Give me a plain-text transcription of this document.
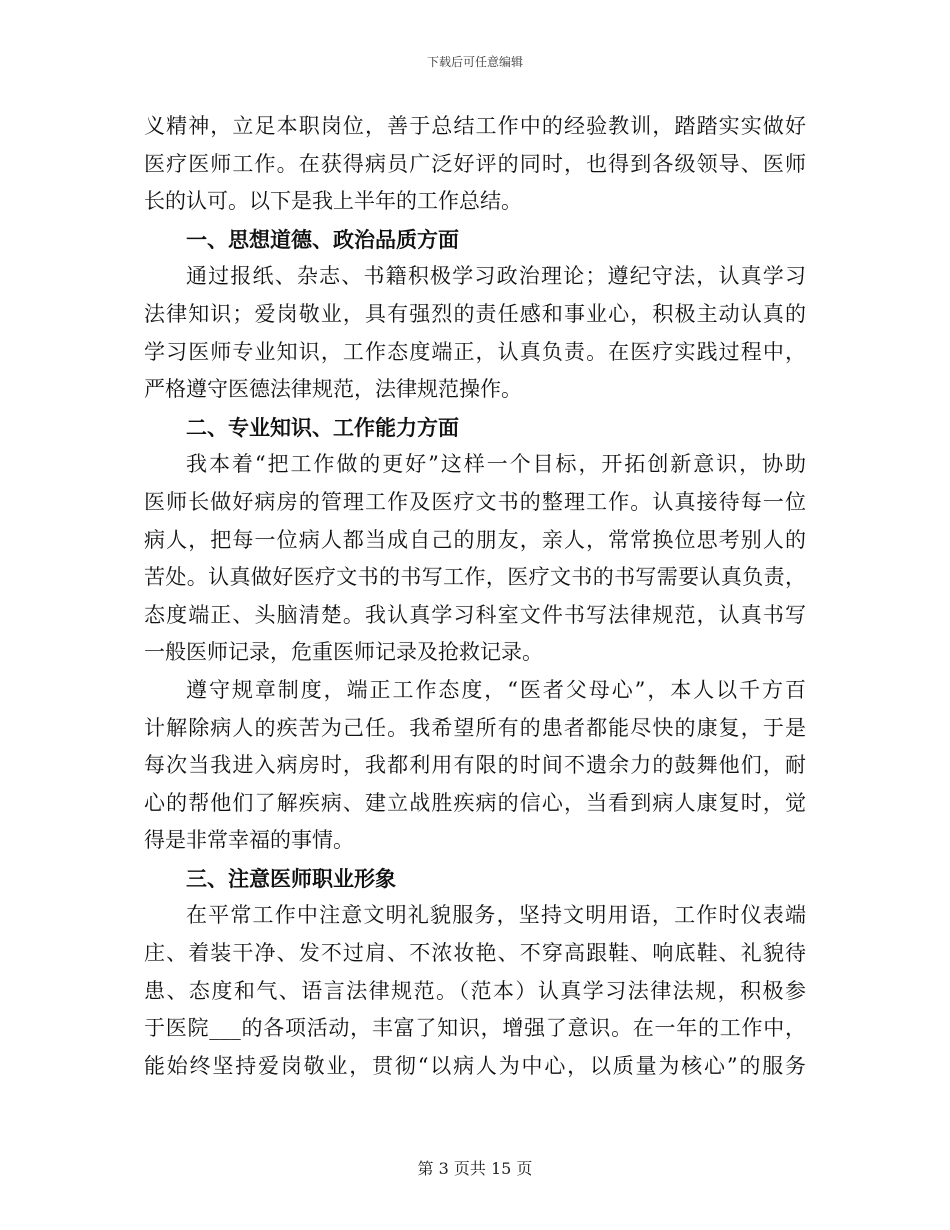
下载后可任意编辑
义精神，立足本职岗位，善于总结工作中的经验教训，踏踏实实做好
医疗医师工作。在获得病员广泛好评的同时，也得到各级领导、医师
长的认可。以下是我上半年的工作总结。
一、思想道德、政治品质方面
通过报纸、杂志、书籍积极学习政治理论；遵纪守法，认真学习
法律知识；爱岗敬业，具有强烈的责任感和事业心，积极主动认真的
学习医师专业知识，工作态度端正，认真负责。在医疗实践过程中，
严格遵守医德法律规范，法律规范操作。
二、专业知识、工作能力方面
我本着“把工作做的更好”这样一个目标，开拓创新意识，协助
医师长做好病房的管理工作及医疗文书的整理工作。认真接待每一位
病人，把每一位病人都当成自己的朋友，亲人，常常换位思考别人的
苦处。认真做好医疗文书的书写工作，医疗文书的书写需要认真负责，
态度端正、头脑清楚。我认真学习科室文件书写法律规范，认真书写
一般医师记录，危重医师记录及抢救记录。
遵守规章制度，端正工作态度，“医者父母心”，本人以千方百
计解除病人的疾苦为己任。我希望所有的患者都能尽快的康复，于是
每次当我进入病房时，我都利用有限的时间不遗余力的鼓舞他们，耐
心的帮他们了解疾病、建立战胜疾病的信心，当看到病人康复时，觉
得是非常幸福的事情。
三、注意医师职业形象
在平常工作中注意文明礼貌服务，坚持文明用语，工作时仪表端
庄、着装干净、发不过肩、不浓妆艳、不穿高跟鞋、响底鞋、礼貌待
患、态度和气、语言法律规范。（范本）认真学习法律法规，积极参
于医院___的各项活动，丰富了知识，增强了意识。在一年的工作中，
能始终坚持爱岗敬业，贯彻“以病人为中心，以质量为核心”的服务
第 3 页共 15 页
